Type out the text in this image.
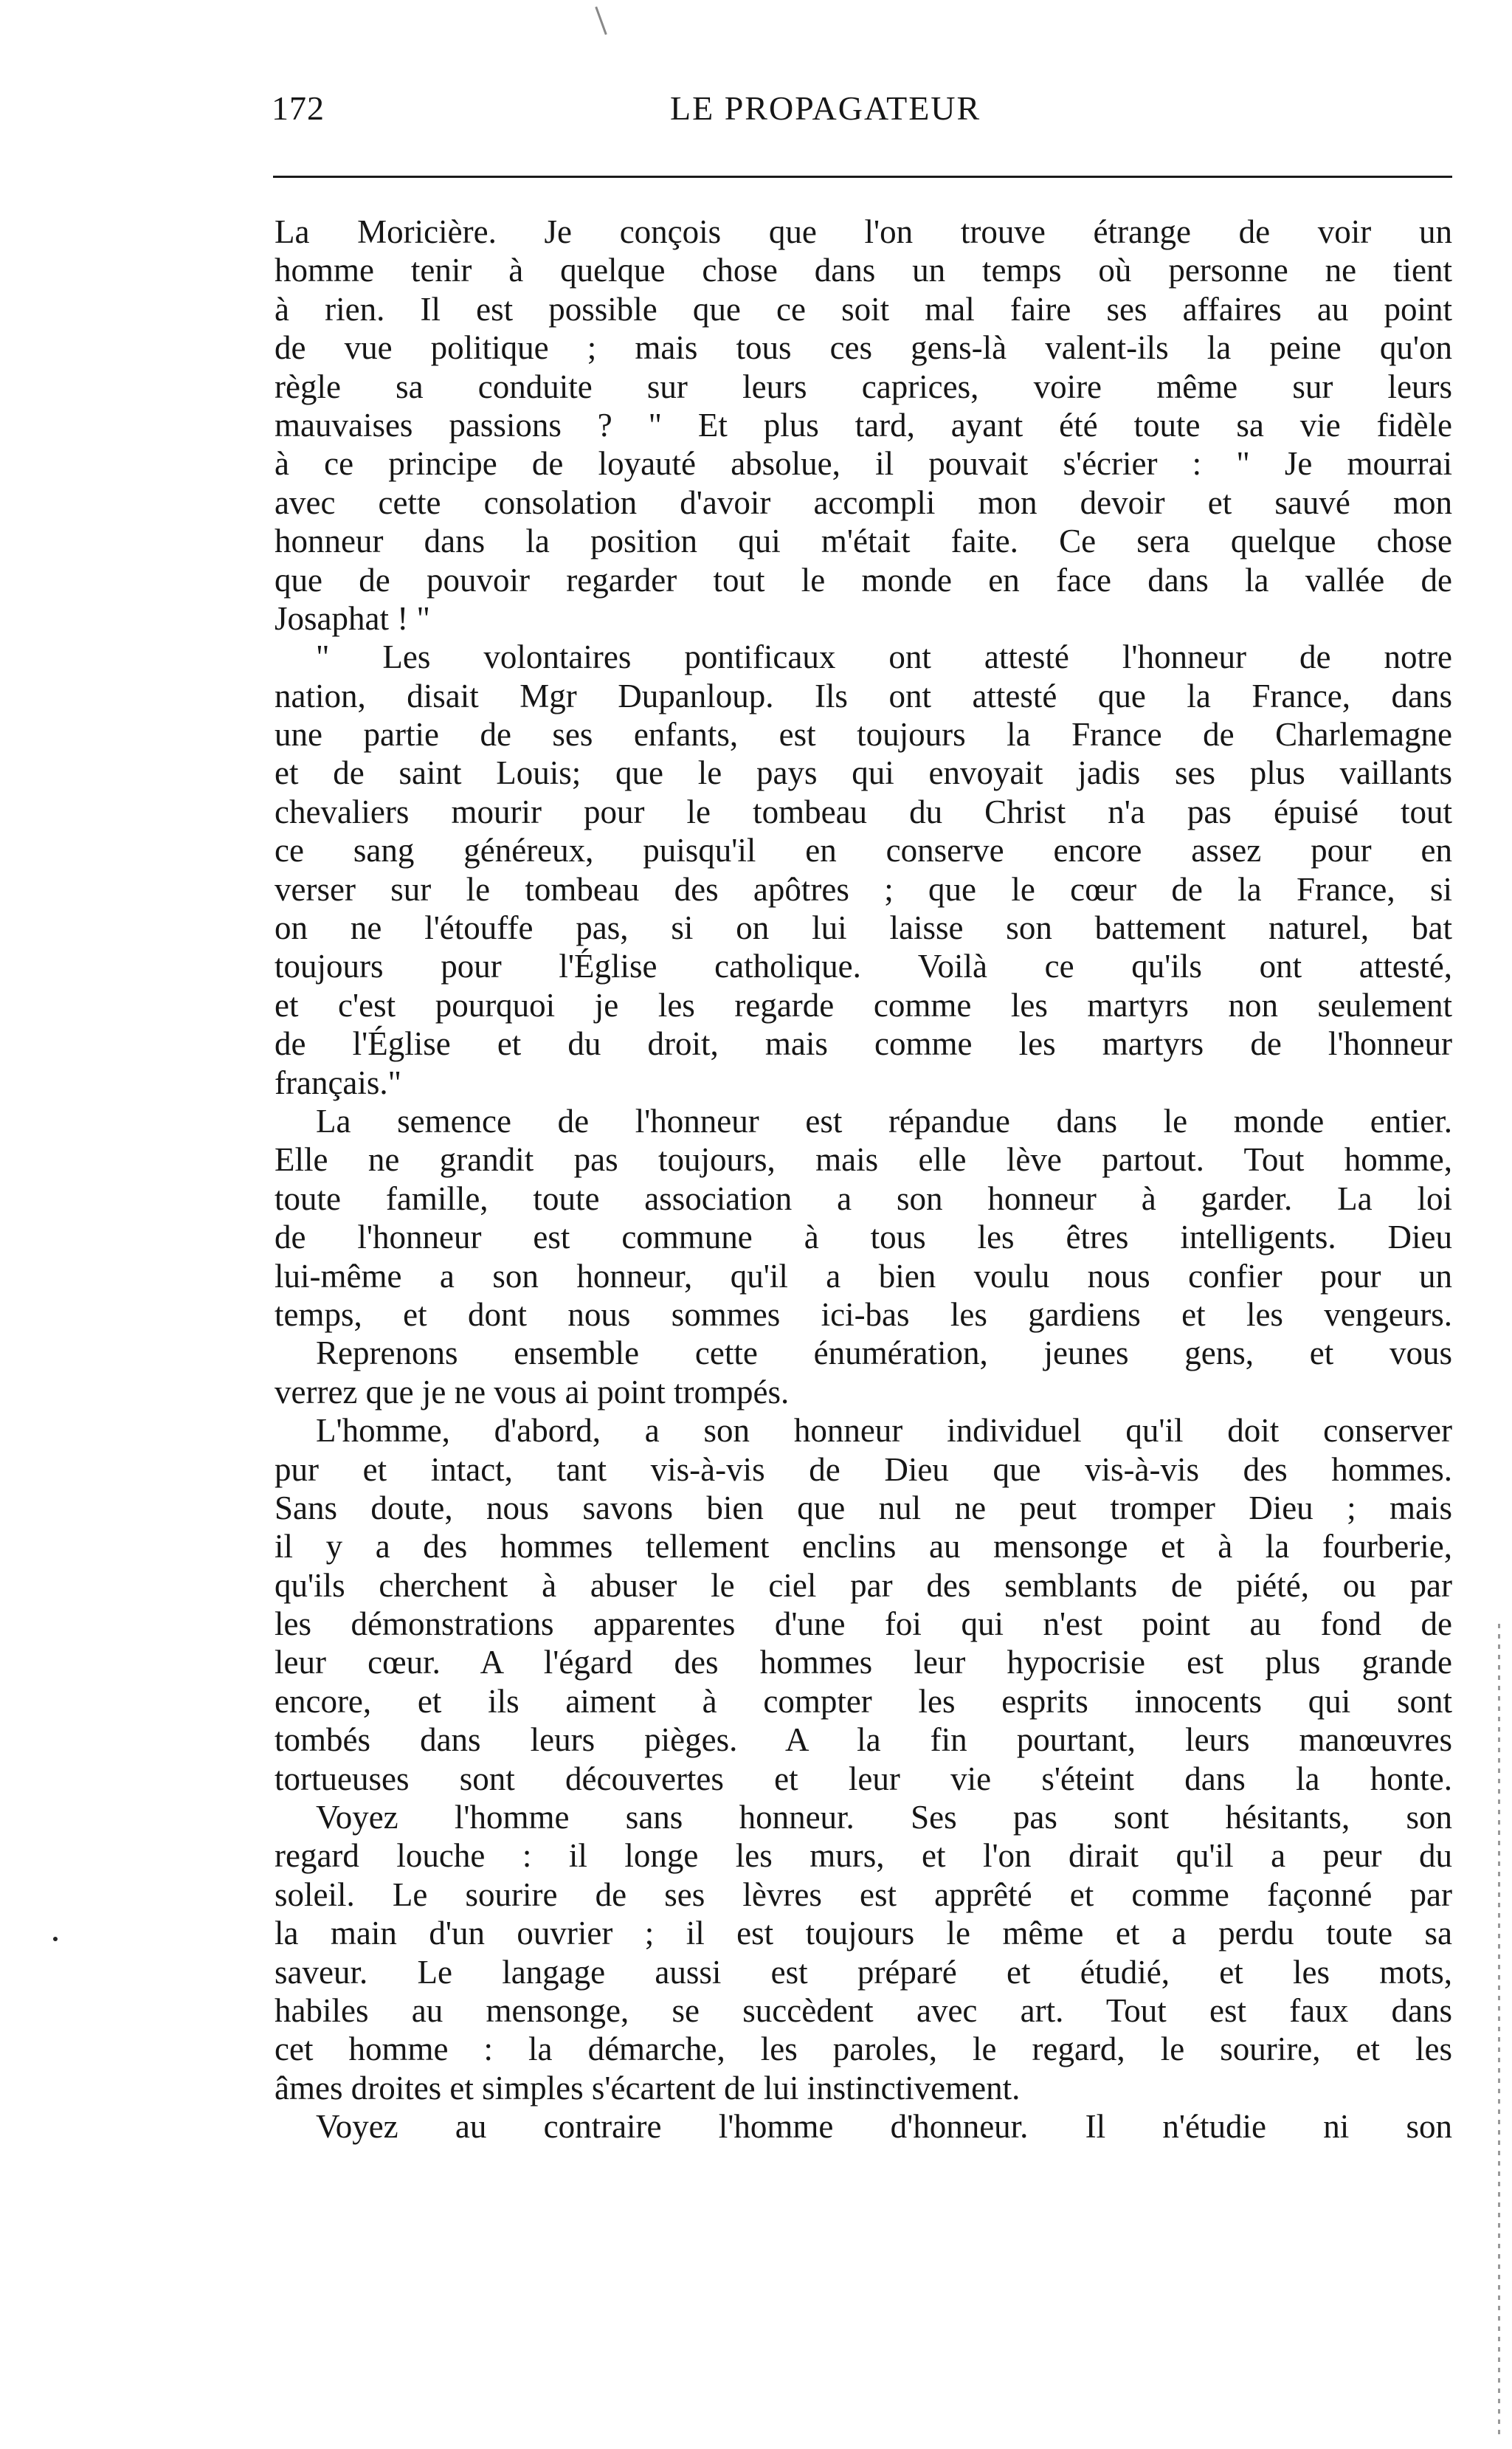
172	LE PROPAGATEUR
La Moricière. Je conçois que l'on trouve étrange de voir un
homme tenir à quelque chose dans un temps où personne ne tient
à rien. Il est possible que ce soit mal faire ses affaires au point
de vue politique ; mais tous ces gens-là valent-ils la peine qu'on
règle sa conduite sur leurs caprices, voire même sur leurs
mauvaises passions ? " Et plus tard, ayant été toute sa vie fidèle
à ce principe de loyauté absolue, il pouvait s'écrier : " Je mourrai
avec cette consolation d'avoir accompli mon devoir et sauvé mon
honneur dans la position qui m'était faite. Ce sera quelque chose
que de pouvoir regarder tout le monde en face dans la vallée de
Josaphat ! "
" Les volontaires pontificaux ont attesté l'honneur de notre
nation, disait Mgr Dupanloup. Ils ont attesté que la France, dans
une partie de ses enfants, est toujours la France de Charlemagne
et de saint Louis; que le pays qui envoyait jadis ses plus vaillants
chevaliers mourir pour le tombeau du Christ n'a pas épuisé tout
ce sang généreux, puisqu'il en conserve encore assez pour en
verser sur le tombeau des apôtres ; que le cœur de la France, si
on ne l'étouffe pas, si on lui laisse son battement naturel, bat
toujours pour l'Église catholique. Voilà ce qu'ils ont attesté,
et c'est pourquoi je les regarde comme les martyrs non seulement
de l'Église et du droit, mais comme les martyrs de l'honneur
français."
La semence de l'honneur est répandue dans le monde entier.
Elle ne grandit pas toujours, mais elle lève partout. Tout homme,
toute famille, toute association a son honneur à garder. La loi
de l'honneur est commune à tous les êtres intelligents. Dieu
lui-même a son honneur, qu'il a bien voulu nous confier pour un
temps, et dont nous sommes ici-bas les gardiens et les vengeurs.
Reprenons ensemble cette énumération, jeunes gens, et vous
verrez que je ne vous ai point trompés.
L'homme, d'abord, a son honneur individuel qu'il doit conserver
pur et intact, tant vis-à-vis de Dieu que vis-à-vis des hommes.
Sans doute, nous savons bien que nul ne peut tromper Dieu ; mais
il y a des hommes tellement enclins au mensonge et à la fourberie,
qu'ils cherchent à abuser le ciel par des semblants de piété, ou par
les démonstrations apparentes d'une foi qui n'est point au fond de
leur cœur. A l'égard des hommes leur hypocrisie est plus grande
encore, et ils aiment à compter les esprits innocents qui sont
tombés dans leurs pièges. A la fin pourtant, leurs manœuvres
tortueuses sont découvertes et leur vie s'éteint dans la honte.
Voyez l'homme sans honneur. Ses pas sont hésitants, son
regard louche : il longe les murs, et l'on dirait qu'il a peur du
soleil. Le sourire de ses lèvres est apprêté et comme façonné par
la main d'un ouvrier ; il est toujours le même et a perdu toute sa
saveur. Le langage aussi est préparé et étudié, et les mots,
habiles au mensonge, se succèdent avec art. Tout est faux dans
cet homme : la démarche, les paroles, le regard, le sourire, et les
âmes droites et simples s'écartent de lui instinctivement.
Voyez au contraire l'homme d'honneur. Il n'étudie ni son
